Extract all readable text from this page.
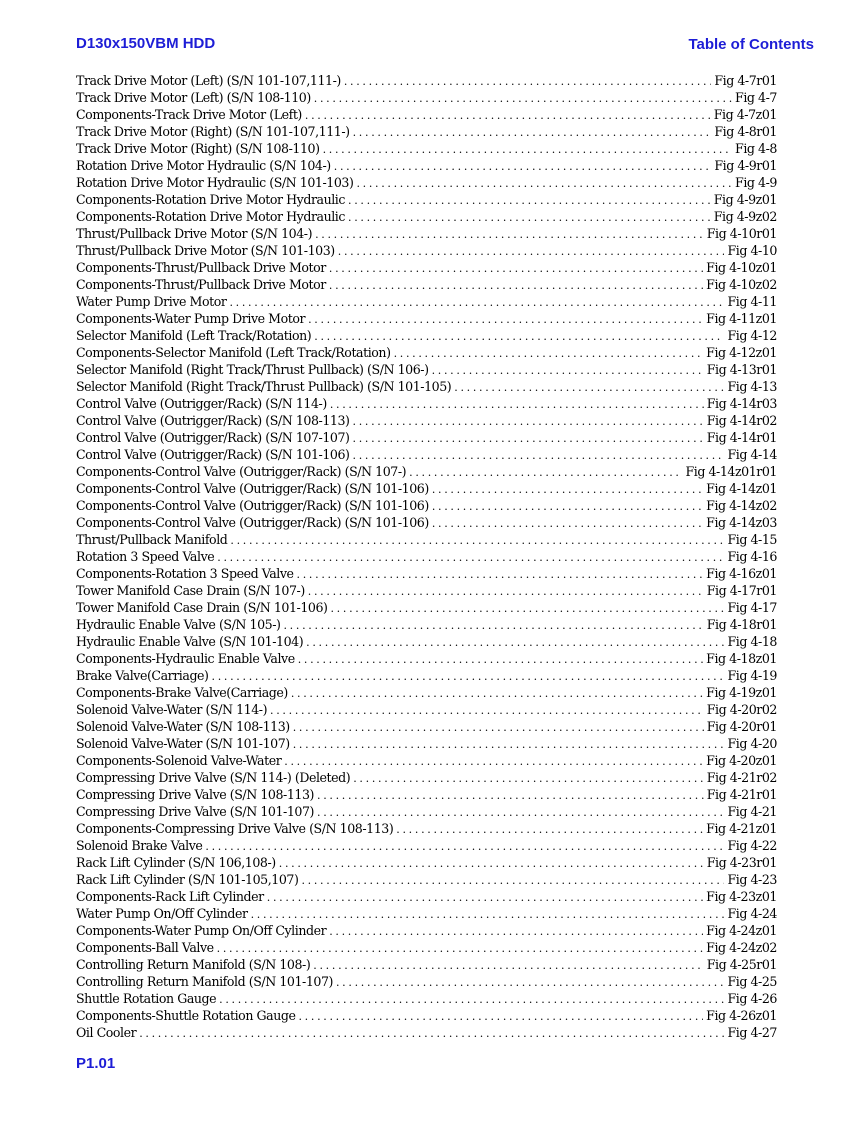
D130x150VBM HDD	Table of Contents
Track Drive Motor (Left) (S/N 101-107,111-) . . .	Fig 4-7r01
Track Drive Motor (Left) (S/N 108-110) . . .	Fig 4-7
Components-Track Drive Motor (Left) . . .	Fig 4-7z01
Track Drive Motor (Right) (S/N 101-107,111-) . . .	Fig 4-8r01
Track Drive Motor (Right) (S/N 108-110) . . .	Fig 4-8
Rotation Drive Motor Hydraulic (S/N 104-) . . .	Fig 4-9r01
Rotation Drive Motor Hydraulic (S/N 101-103) . . .	Fig 4-9
Components-Rotation Drive Motor Hydraulic . . .	Fig 4-9z01
Components-Rotation Drive Motor Hydraulic . . .	Fig 4-9z02
Thrust/Pullback Drive Motor (S/N 104-) . . .	Fig 4-10r01
Thrust/Pullback Drive Motor (S/N 101-103) . . .	Fig 4-10
Components-Thrust/Pullback Drive Motor . . .	Fig 4-10z01
Components-Thrust/Pullback Drive Motor . . .	Fig 4-10z02
Water Pump Drive Motor . . .	Fig 4-11
Components-Water Pump Drive Motor . . .	Fig 4-11z01
Selector Manifold (Left Track/Rotation) . . .	Fig 4-12
Components-Selector Manifold (Left Track/Rotation) . . .	Fig 4-12z01
Selector Manifold (Right Track/Thrust Pullback) (S/N 106-) . . .	Fig 4-13r01
Selector Manifold (Right Track/Thrust Pullback) (S/N 101-105) . . .	Fig 4-13
Control Valve (Outrigger/Rack) (S/N 114-) . . .	Fig 4-14r03
Control Valve (Outrigger/Rack) (S/N 108-113) . . .	Fig 4-14r02
Control Valve (Outrigger/Rack) (S/N 107-107) . . .	Fig 4-14r01
Control Valve (Outrigger/Rack) (S/N 101-106) . . .	Fig 4-14
Components-Control Valve (Outrigger/Rack) (S/N 107-) . . .	Fig 4-14z01r01
Components-Control Valve (Outrigger/Rack) (S/N 101-106) . . .	Fig 4-14z01
Components-Control Valve (Outrigger/Rack) (S/N 101-106) . . .	Fig 4-14z02
Components-Control Valve (Outrigger/Rack) (S/N 101-106) . . .	Fig 4-14z03
Thrust/Pullback Manifold . . .	Fig 4-15
Rotation 3 Speed Valve . . .	Fig 4-16
Components-Rotation 3 Speed Valve . . .	Fig 4-16z01
Tower Manifold Case Drain (S/N 107-) . . .	Fig 4-17r01
Tower Manifold Case Drain (S/N 101-106) . . .	Fig 4-17
Hydraulic Enable Valve (S/N 105-) . . .	Fig 4-18r01
Hydraulic Enable Valve (S/N 101-104) . . .	Fig 4-18
Components-Hydraulic Enable Valve . . .	Fig 4-18z01
Brake Valve(Carriage) . . .	Fig 4-19
Components-Brake Valve(Carriage) . . .	Fig 4-19z01
Solenoid Valve-Water (S/N 114-) . . .	Fig 4-20r02
Solenoid Valve-Water (S/N 108-113) . . .	Fig 4-20r01
Solenoid Valve-Water (S/N 101-107) . . .	Fig 4-20
Components-Solenoid Valve-Water . . .	Fig 4-20z01
Compressing Drive Valve (S/N 114-) (Deleted) . . .	Fig 4-21r02
Compressing Drive Valve (S/N 108-113) . . .	Fig 4-21r01
Compressing Drive Valve (S/N 101-107) . . .	Fig 4-21
Components-Compressing Drive Valve (S/N 108-113) . . .	Fig 4-21z01
Solenoid Brake Valve . . .	Fig 4-22
Rack Lift Cylinder (S/N 106,108-) . . .	Fig 4-23r01
Rack Lift Cylinder (S/N 101-105,107) . . .	Fig 4-23
Components-Rack Lift Cylinder . . .	Fig 4-23z01
Water Pump On/Off Cylinder . . .	Fig 4-24
Components-Water Pump On/Off Cylinder . . .	Fig 4-24z01
Components-Ball Valve . . .	Fig 4-24z02
Controlling Return Manifold (S/N 108-) . . .	Fig 4-25r01
Controlling Return Manifold (S/N 101-107) . . .	Fig 4-25
Shuttle Rotation Gauge . . .	Fig 4-26
Components-Shuttle Rotation Gauge . . .	Fig 4-26z01
Oil Cooler . . .	Fig 4-27
P1.01
